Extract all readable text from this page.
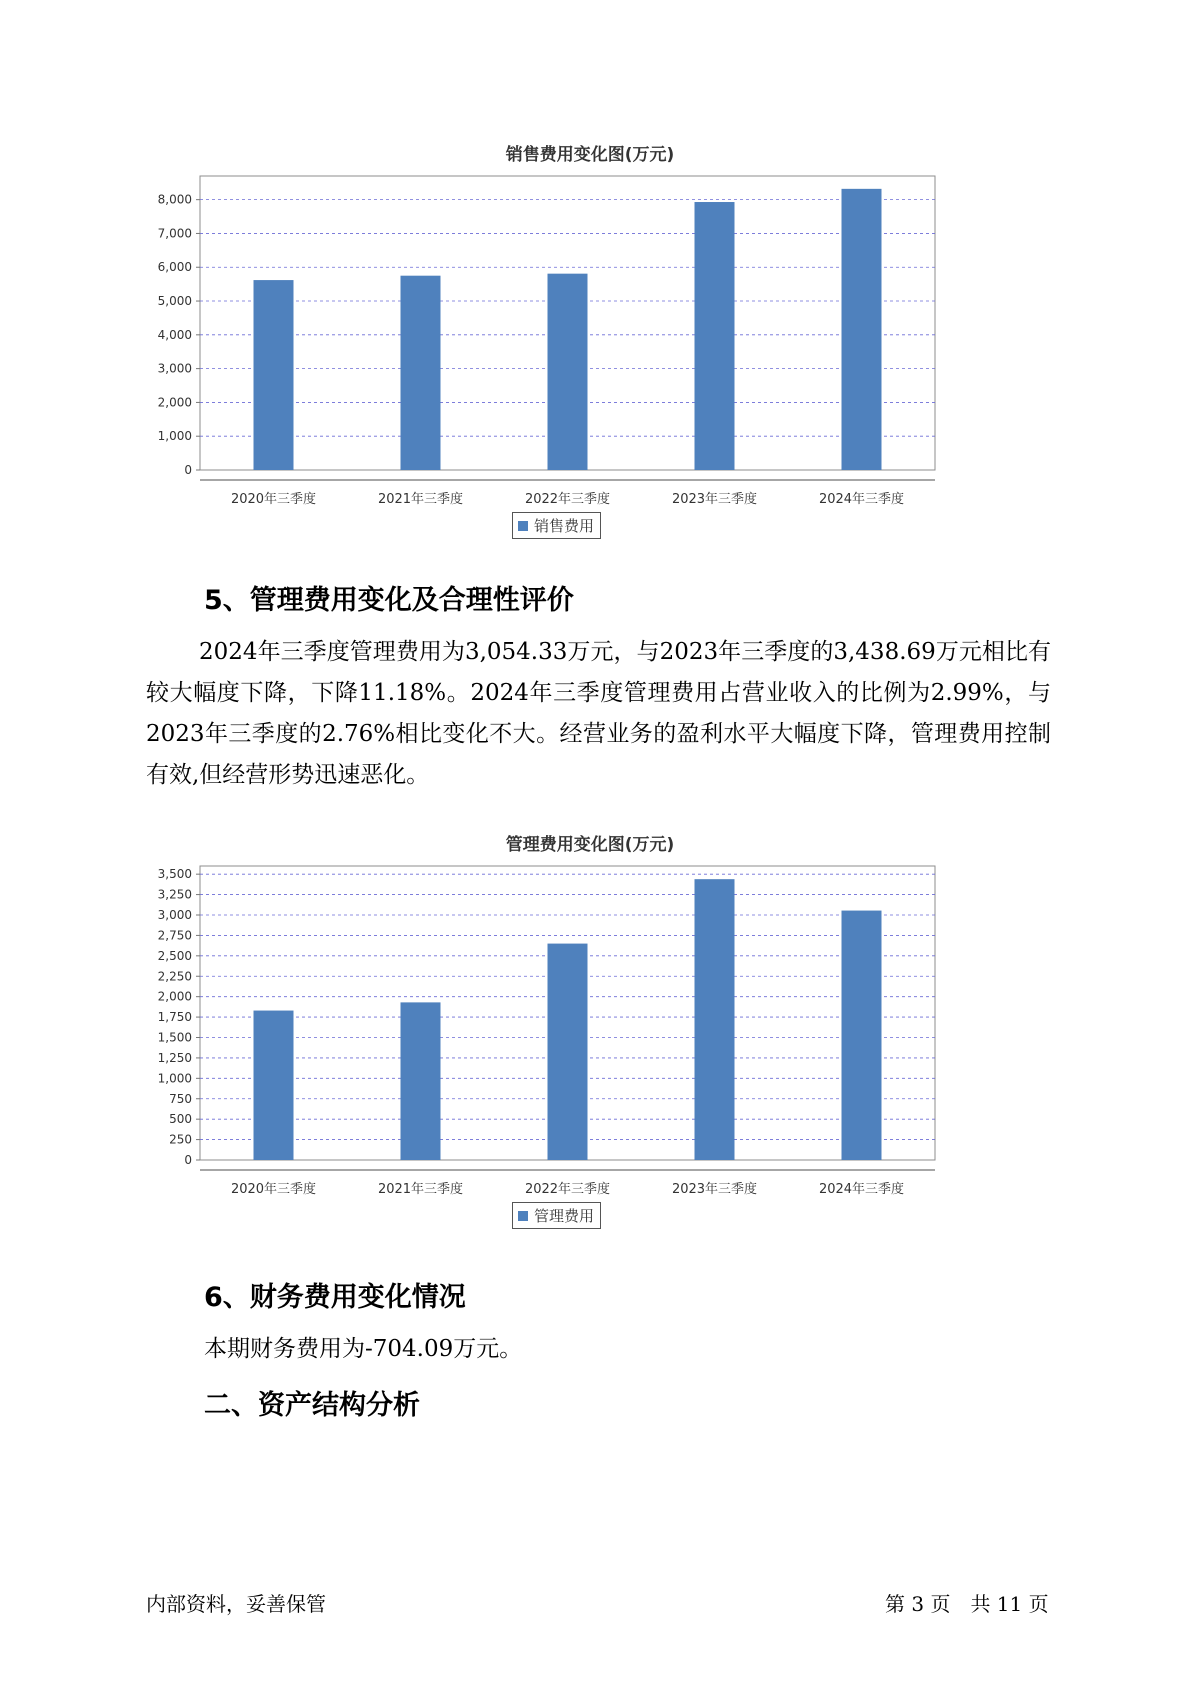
销售费用变化图(万元)
0
1,000
2,000
3,000
4,000
5,000
6,000
7,000
8,000
2020年三季度	2021年三季度	2022年三季度	2023年三季度	2024年三季度
销售费用
5、管理费用变化及合理性评价
2024年三季度管理费用为3,054.33万元，与2023年三季度的3,438.69万元相比有较大幅度下降，下降11.18%。2024年三季度管理费用占营业收入的比例为2.99%，与2023年三季度的2.76%相比变化不大。经营业务的盈利水平大幅度下降，管理费用控制有效,但经营形势迅速恶化。
管理费用变化图(万元)
0
250
500
750
1,000
1,250
1,500
1,750
2,000
2,250
2,500
2,750
3,000
3,250
3,500
2020年三季度	2021年三季度	2022年三季度	2023年三季度	2024年三季度
管理费用
6、财务费用变化情况
本期财务费用为-704.09万元。
二、资产结构分析
内部资料，妥善保管	第 3 页　共 11 页
